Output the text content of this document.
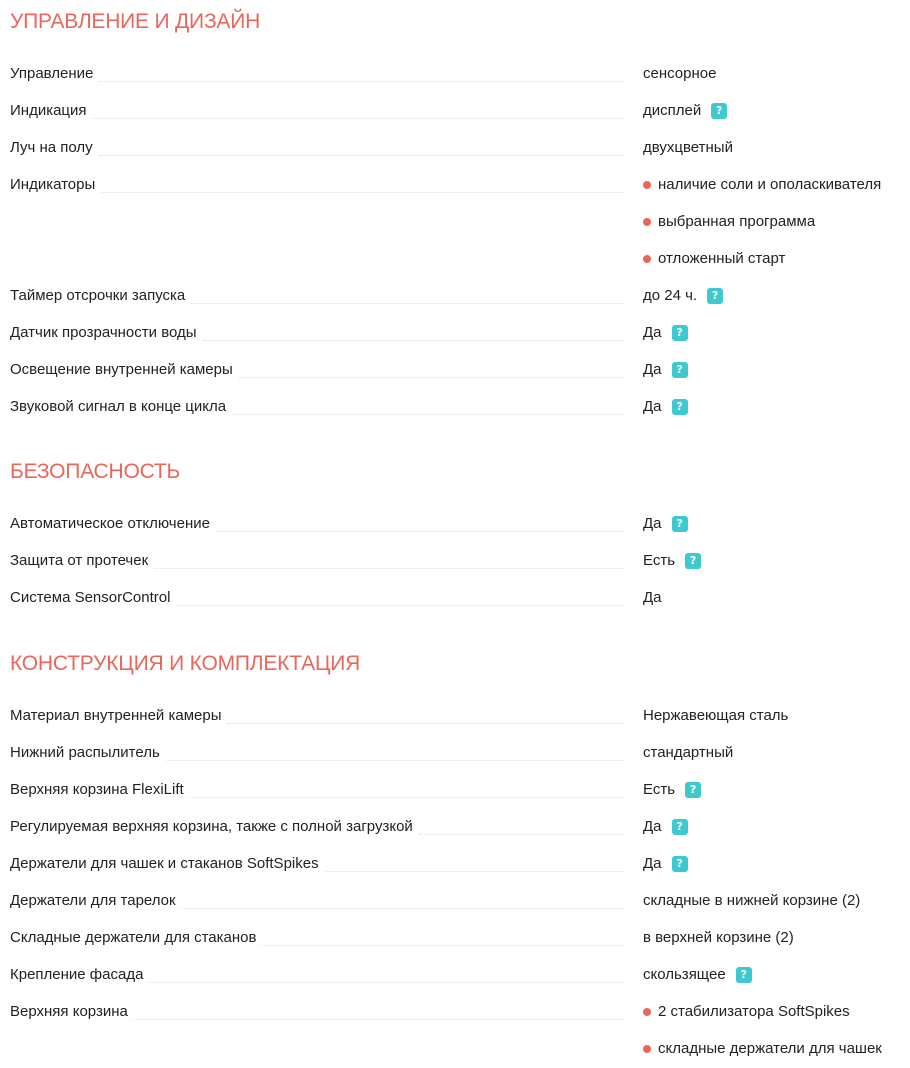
УПРАВЛЕНИЕ И ДИЗАЙН
Управление	сенсорное
Индикация	дисплей	?
Луч на полу	двухцветный
Индикаторы	наличие соли и ополаскивателя
выбранная программа
отложенный старт
Таймер отсрочки запуска	до 24 ч.	?
Датчик прозрачности воды	Да	?
Освещение внутренней камеры	Да	?
Звуковой сигнал в конце цикла	Да	?
БЕЗОПАСНОСТЬ
Автоматическое отключение	Да	?
Защита от протечек	Есть	?
Система SensorControl	Да
КОНСТРУКЦИЯ И КОМПЛЕКТАЦИЯ
Материал внутренней камеры	Нержавеющая сталь
Нижний распылитель	стандартный
Верхняя корзина FlexiLift	Есть	?
Регулируемая верхняя корзина, также с полной загрузкой	Да	?
Держатели для чашек и стаканов SoftSpikes	Да	?
Держатели для тарелок	складные в нижней корзине (2)
Складные держатели для стаканов	в верхней корзине (2)
Крепление фасада	скользящее	?
Верхняя корзина	2 стабилизатора SoftSpikes
складные держатели для чашек
